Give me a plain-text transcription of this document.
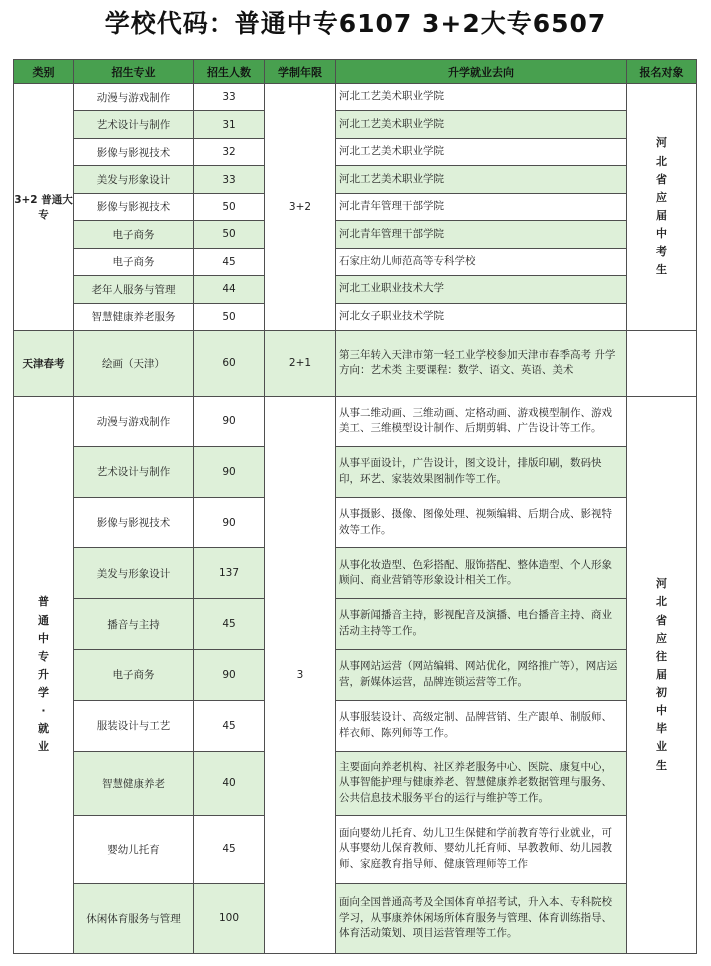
学校代码：普通中专6107 3+2大专6507
类别	招生专业	招生人数	学制年限	升学就业去向	报名对象
3+2 普通大专	动漫与游戏制作	33	3+2	河北工艺美术职业学院	河北省应届中考生
	艺术设计与制作	31		河北工艺美术职业学院	
	影像与影视技术	32		河北工艺美术职业学院	
	美发与形象设计	33		河北工艺美术职业学院	
	影像与影视技术	50		河北青年管理干部学院	
	电子商务	50		河北青年管理干部学院	
	电子商务	45		石家庄幼儿师范高等专科学校	
	老年人服务与管理	44		河北工业职业技术大学	
	智慧健康养老服务	50		河北女子职业技术学院	
天津春考	绘画（天津）	60	2+1	第三年转入天津市第一轻工业学校参加天津市春季高考 升学方向：艺术类 主要课程：数学、语文、英语、美术	
普通中专 升学·就业	动漫与游戏制作	90	3	从事二维动画、三维动画、定格动画、游戏模型制作、游戏美工、三维模型设计制作、后期剪辑、广告设计等工作。	河北省应往届初中毕业生
	艺术设计与制作	90		从事平面设计，广告设计，图文设计，排版印刷，数码快印，环艺、家装效果图制作等工作。	
	影像与影视技术	90		从事摄影、摄像、图像处理、视频编辑、后期合成、影视特效等工作。	
	美发与形象设计	137		从事化妆造型、色彩搭配、服饰搭配、整体造型、个人形象顾问、商业营销等形象设计相关工作。	
	播音与主持	45		从事新闻播音主持，影视配音及演播、电台播音主持、商业活动主持等工作。	
	电子商务	90		从事网站运营（网站编辑、网站优化，网络推广等），网店运营，新媒体运营，品牌连锁运营等工作。	
	服装设计与工艺	45		从事服装设计、高级定制、品牌营销、生产跟单、制版师、样衣师、陈列师等工作。	
	智慧健康养老	40		主要面向养老机构、社区养老服务中心、医院、康复中心，从事智能护理与健康养老、智慧健康养老数据管理与服务、公共信息技术服务平台的运行与维护等工作。	
	婴幼儿托育	45		面向婴幼儿托育、幼儿卫生保健和学前教育等行业就业，可从事婴幼儿保育教师、婴幼儿托育师、早教教师、幼儿园教师、家庭教育指导师、健康管理师等工作	
	休闲体育服务与管理	100		面向全国普通高考及全国体育单招考试，升入本、专科院校学习，从事康养休闲场所体育服务与管理、体育训练指导、体育活动策划、项目运营管理等工作。	
